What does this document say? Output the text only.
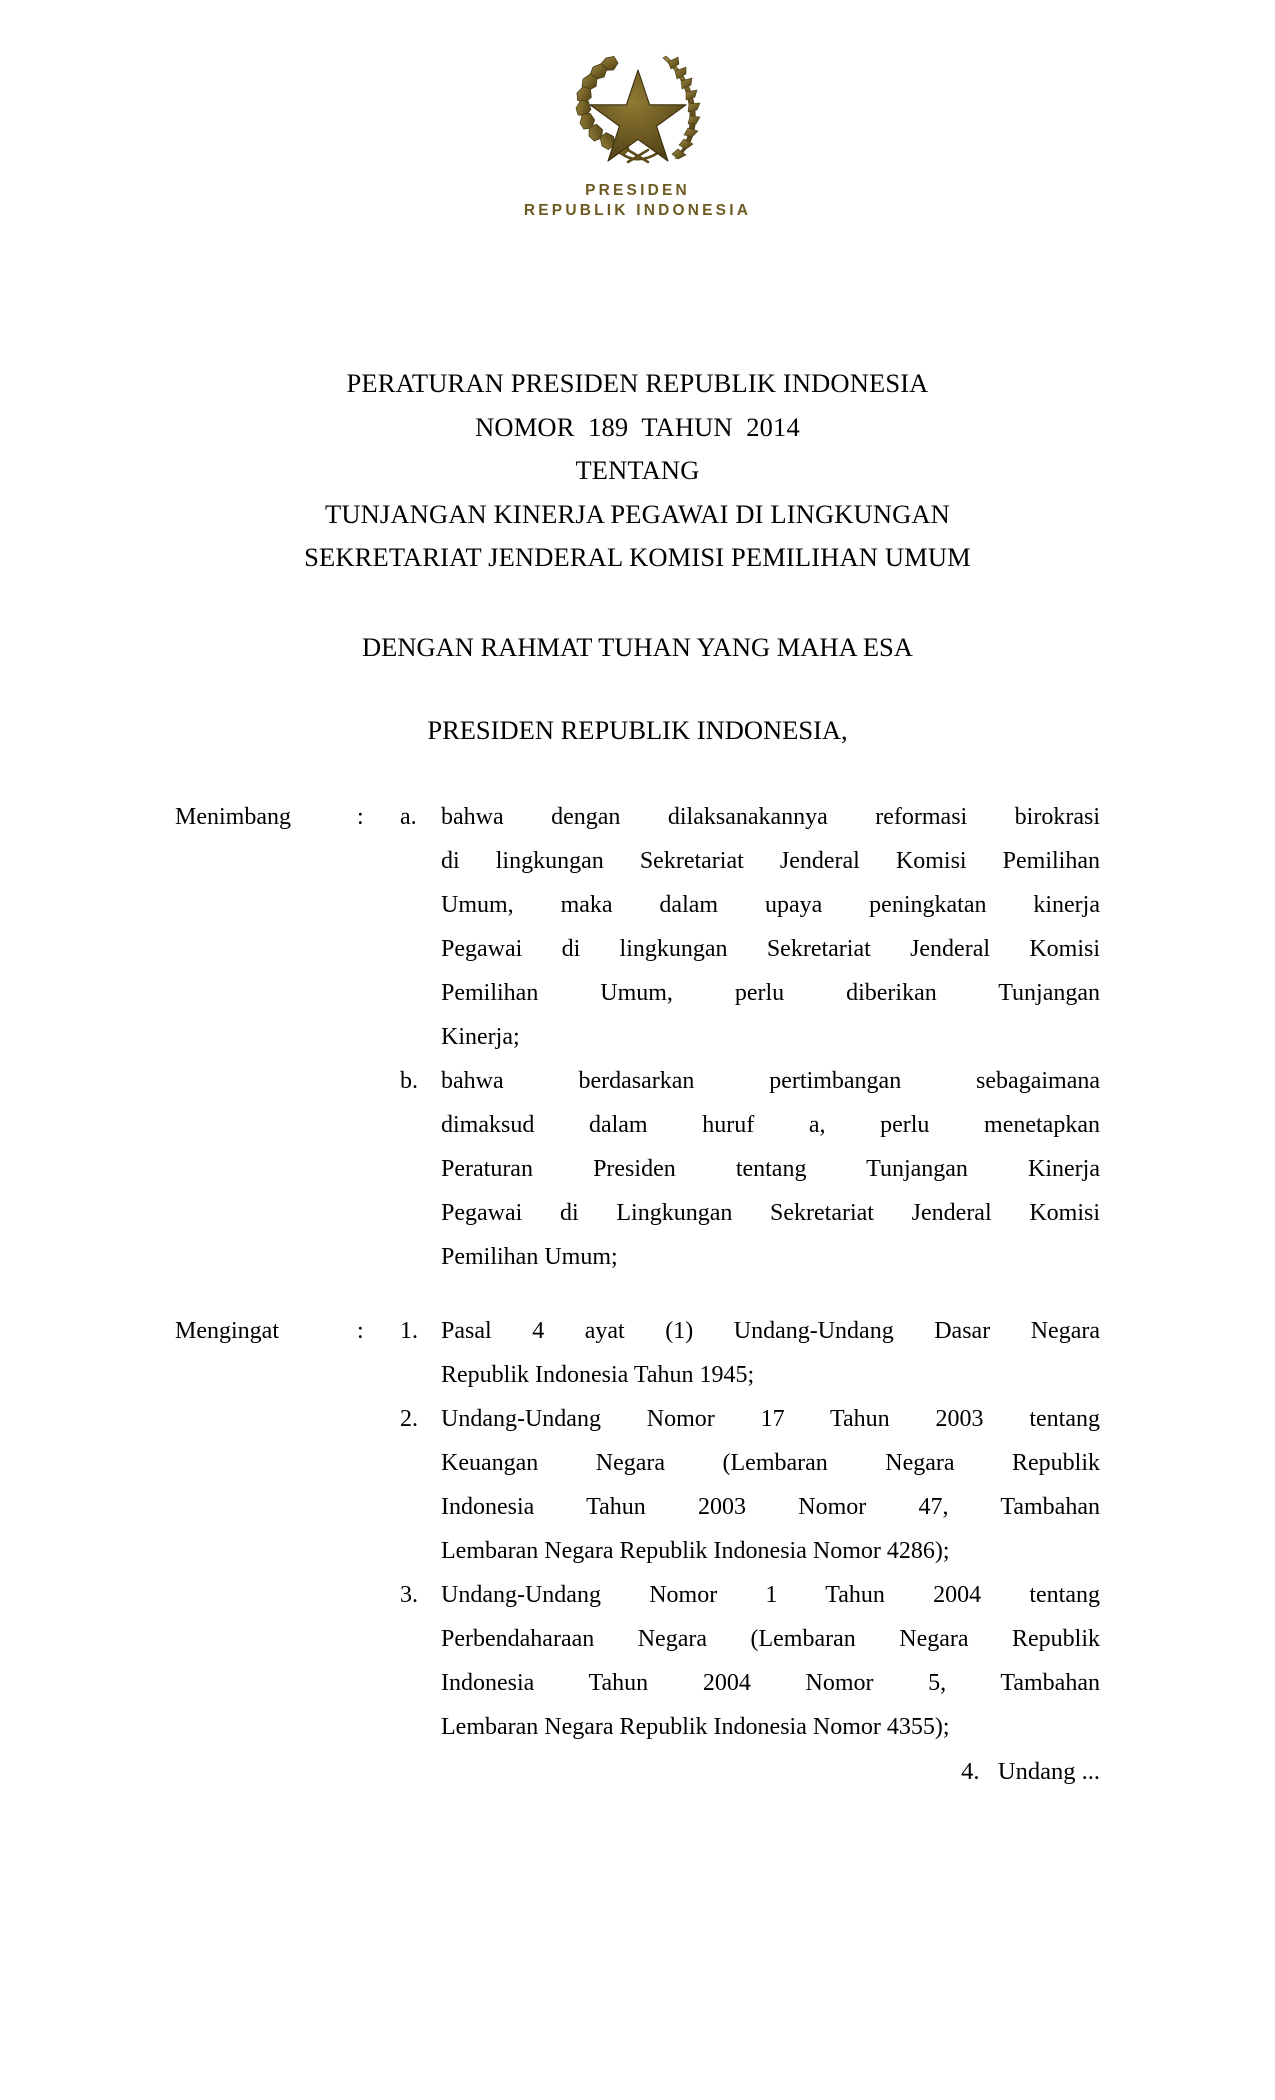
PRESIDEN
REPUBLIK INDONESIA
PERATURAN PRESIDEN REPUBLIK INDONESIA
NOMOR  189  TAHUN  2014
TENTANG
TUNJANGAN KINERJA PEGAWAI DI LINGKUNGAN
SEKRETARIAT JENDERAL KOMISI PEMILIHAN UMUM
DENGAN RAHMAT TUHAN YANG MAHA ESA
PRESIDEN REPUBLIK INDONESIA,
Menimbang	:	a.	bahwa dengan dilaksanakannya reformasi birokrasi
di lingkungan Sekretariat Jenderal Komisi Pemilihan
Umum, maka dalam upaya peningkatan kinerja
Pegawai di lingkungan Sekretariat Jenderal Komisi
Pemilihan Umum, perlu diberikan Tunjangan
Kinerja;
b. bahwa berdasarkan pertimbangan sebagaimana
dimaksud dalam huruf a, perlu menetapkan
Peraturan Presiden tentang Tunjangan Kinerja
Pegawai di Lingkungan Sekretariat Jenderal Komisi
Pemilihan Umum;
Mengingat	:	1. Pasal 4 ayat (1) Undang-Undang Dasar Negara
Republik Indonesia Tahun 1945;
2. Undang-Undang Nomor 17 Tahun 2003 tentang
Keuangan Negara (Lembaran Negara Republik
Indonesia Tahun 2003 Nomor 47, Tambahan
Lembaran Negara Republik Indonesia Nomor 4286);
3. Undang-Undang Nomor 1 Tahun 2004 tentang
Perbendaharaan Negara (Lembaran Negara Republik
Indonesia Tahun 2004 Nomor 5, Tambahan
Lembaran Negara Republik Indonesia Nomor 4355);
4.   Undang ...
